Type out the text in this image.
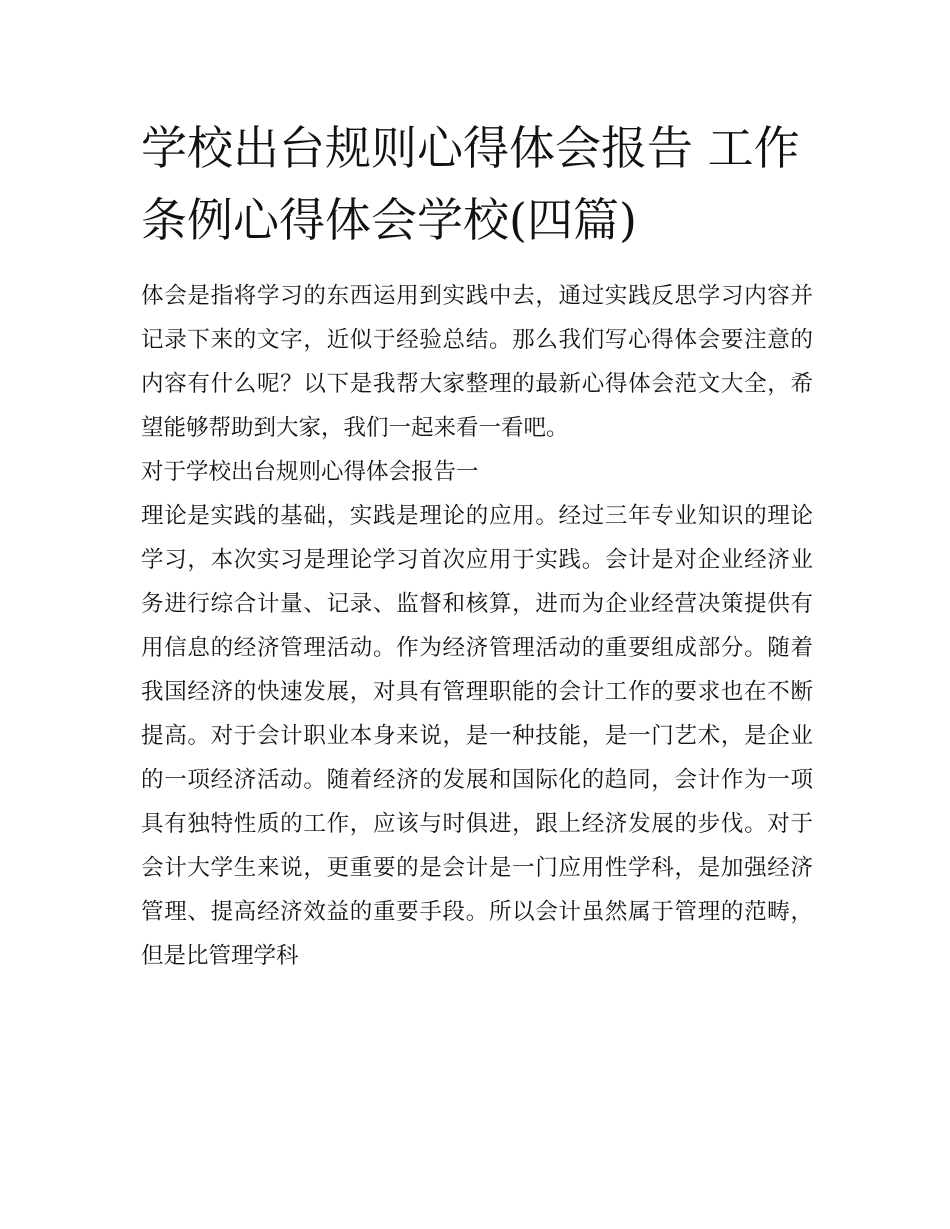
学校出台规则心得体会报告 工作条例心得体会学校(四篇)

体会是指将学习的东西运用到实践中去，通过实践反思学习内容并记录下来的文字，近似于经验总结。那么我们写心得体会要注意的内容有什么呢？以下是我帮大家整理的最新心得体会范文大全，希望能够帮助到大家，我们一起来看一看吧。

对于学校出台规则心得体会报告一

理论是实践的基础，实践是理论的应用。经过三年专业知识的理论学习，本次实习是理论学习首次应用于实践。会计是对企业经济业务进行综合计量、记录、监督和核算，进而为企业经营决策提供有用信息的经济管理活动。作为经济管理活动的重要组成部分。随着我国经济的快速发展，对具有管理职能的会计工作的要求也在不断提高。对于会计职业本身来说，是一种技能，是一门艺术，是企业的一项经济活动。随着经济的发展和国际化的趋同，会计作为一项具有独特性质的工作，应该与时俱进，跟上经济发展的步伐。对于会计大学生来说，更重要的是会计是一门应用性学科，是加强经济管理、提高经济效益的重要手段。所以会计虽然属于管理的范畴，但是比管理学科
